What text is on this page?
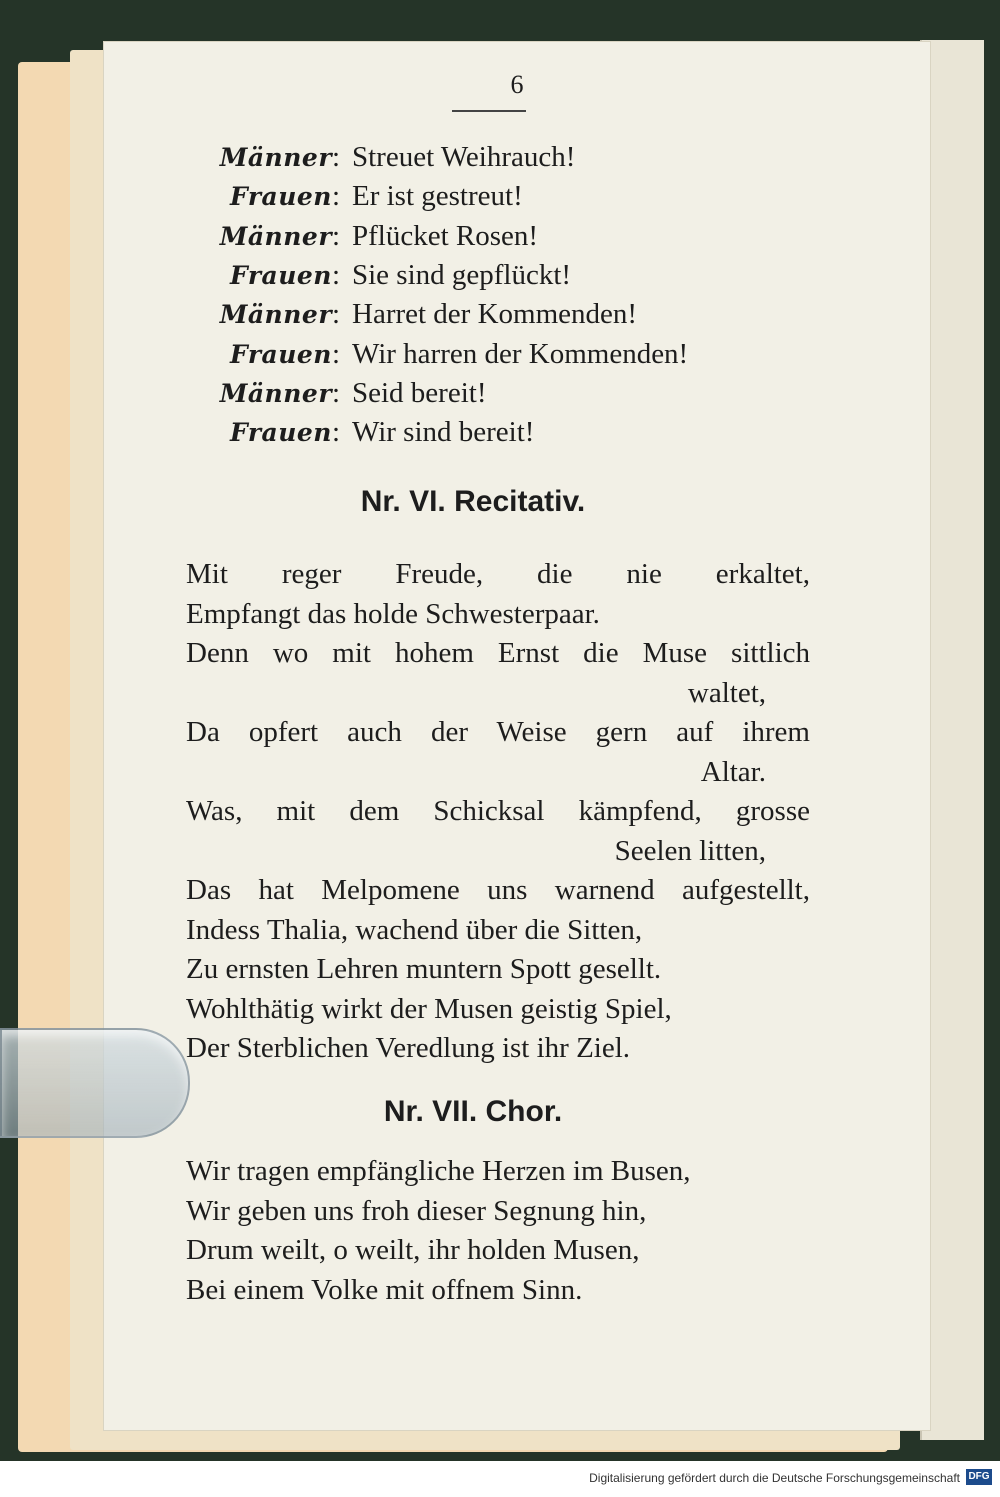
6
Männer : Streuet Weihrauch!
Frauen : Er ist gestreut!
Männer : Pflücket Rosen!
Frauen : Sie sind gepflückt!
Männer : Harret der Kommenden!
Frauen : Wir harren der Kommenden!
Männer : Seid bereit!
Frauen : Wir sind bereit!
Nr. VI. Recitativ.
Mit reger Freude, die nie erkaltet,
Empfangt das holde Schwesterpaar.
Denn wo mit hohem Ernst die Muse sittlich
waltet,
Da opfert auch der Weise gern auf ihrem
Altar.
Was, mit dem Schicksal kämpfend, grosse
Seelen litten,
Das hat Melpomene uns warnend aufgestellt,
Indess Thalia, wachend über die Sitten,
Zu ernsten Lehren muntern Spott gesellt.
Wohlthätig wirkt der Musen geistig Spiel,
Der Sterblichen Veredlung ist ihr Ziel.
Nr. VII. Chor.
Wir tragen empfängliche Herzen im Busen,
Wir geben uns froh dieser Segnung hin,
Drum weilt, o weilt, ihr holden Musen,
Bei einem Volke mit offnem Sinn.
Digitalisierung gefördert durch die Deutsche Forschungsgemeinschaft DFG
